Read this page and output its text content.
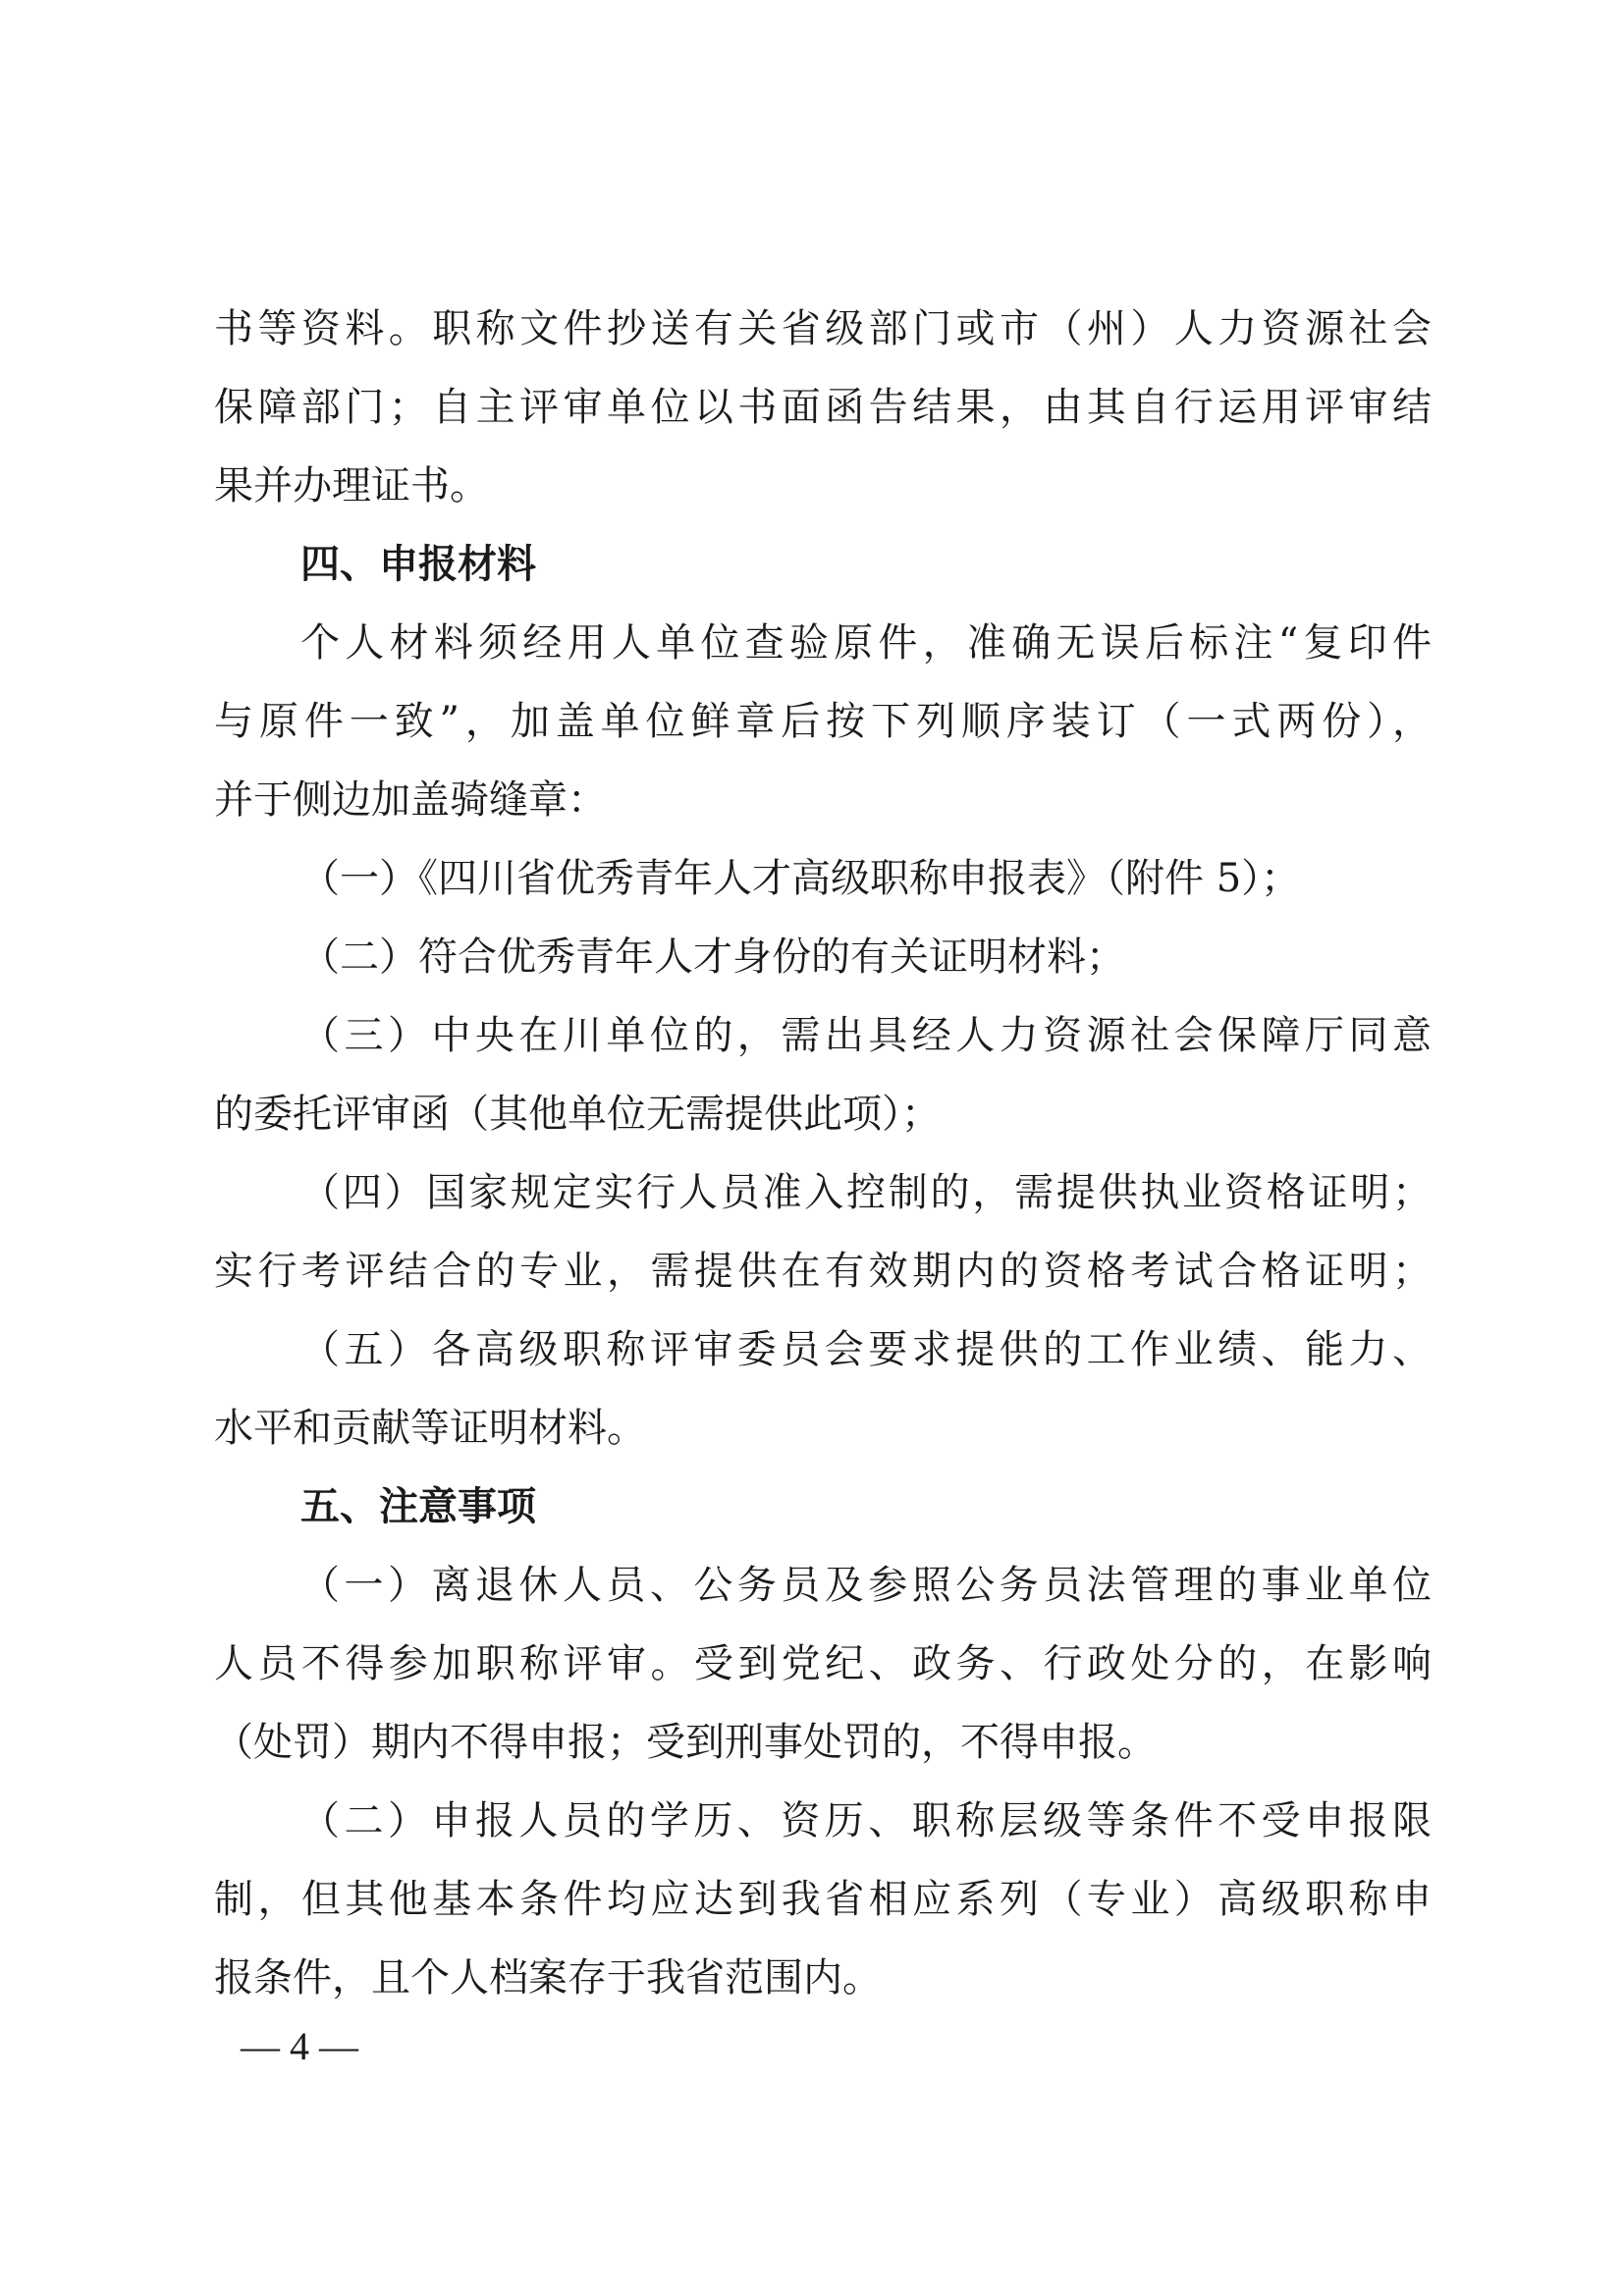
书等资料。职称文件抄送有关省级部门或市（州）人力资源社会
保障部门；自主评审单位以书面函告结果，由其自行运用评审结
果并办理证书。
四、申报材料
个人材料须经用人单位查验原件，准确无误后标注“复印件
与原件一致”，加盖单位鲜章后按下列顺序装订（一式两份），
并于侧边加盖骑缝章：
（一）《四川省优秀青年人才高级职称申报表》（附件 5）；
（二）符合优秀青年人才身份的有关证明材料；
（三）中央在川单位的，需出具经人力资源社会保障厅同意
的委托评审函（其他单位无需提供此项）；
（四）国家规定实行人员准入控制的，需提供执业资格证明；
实行考评结合的专业，需提供在有效期内的资格考试合格证明；
（五）各高级职称评审委员会要求提供的工作业绩、能力、
水平和贡献等证明材料。
五、注意事项
（一）离退休人员、公务员及参照公务员法管理的事业单位
人员不得参加职称评审。受到党纪、政务、行政处分的，在影响
（处罚）期内不得申报；受到刑事处罚的，不得申报。
（二）申报人员的学历、资历、职称层级等条件不受申报限
制，但其他基本条件均应达到我省相应系列（专业）高级职称申
报条件，且个人档案存于我省范围内。
— 4 —
